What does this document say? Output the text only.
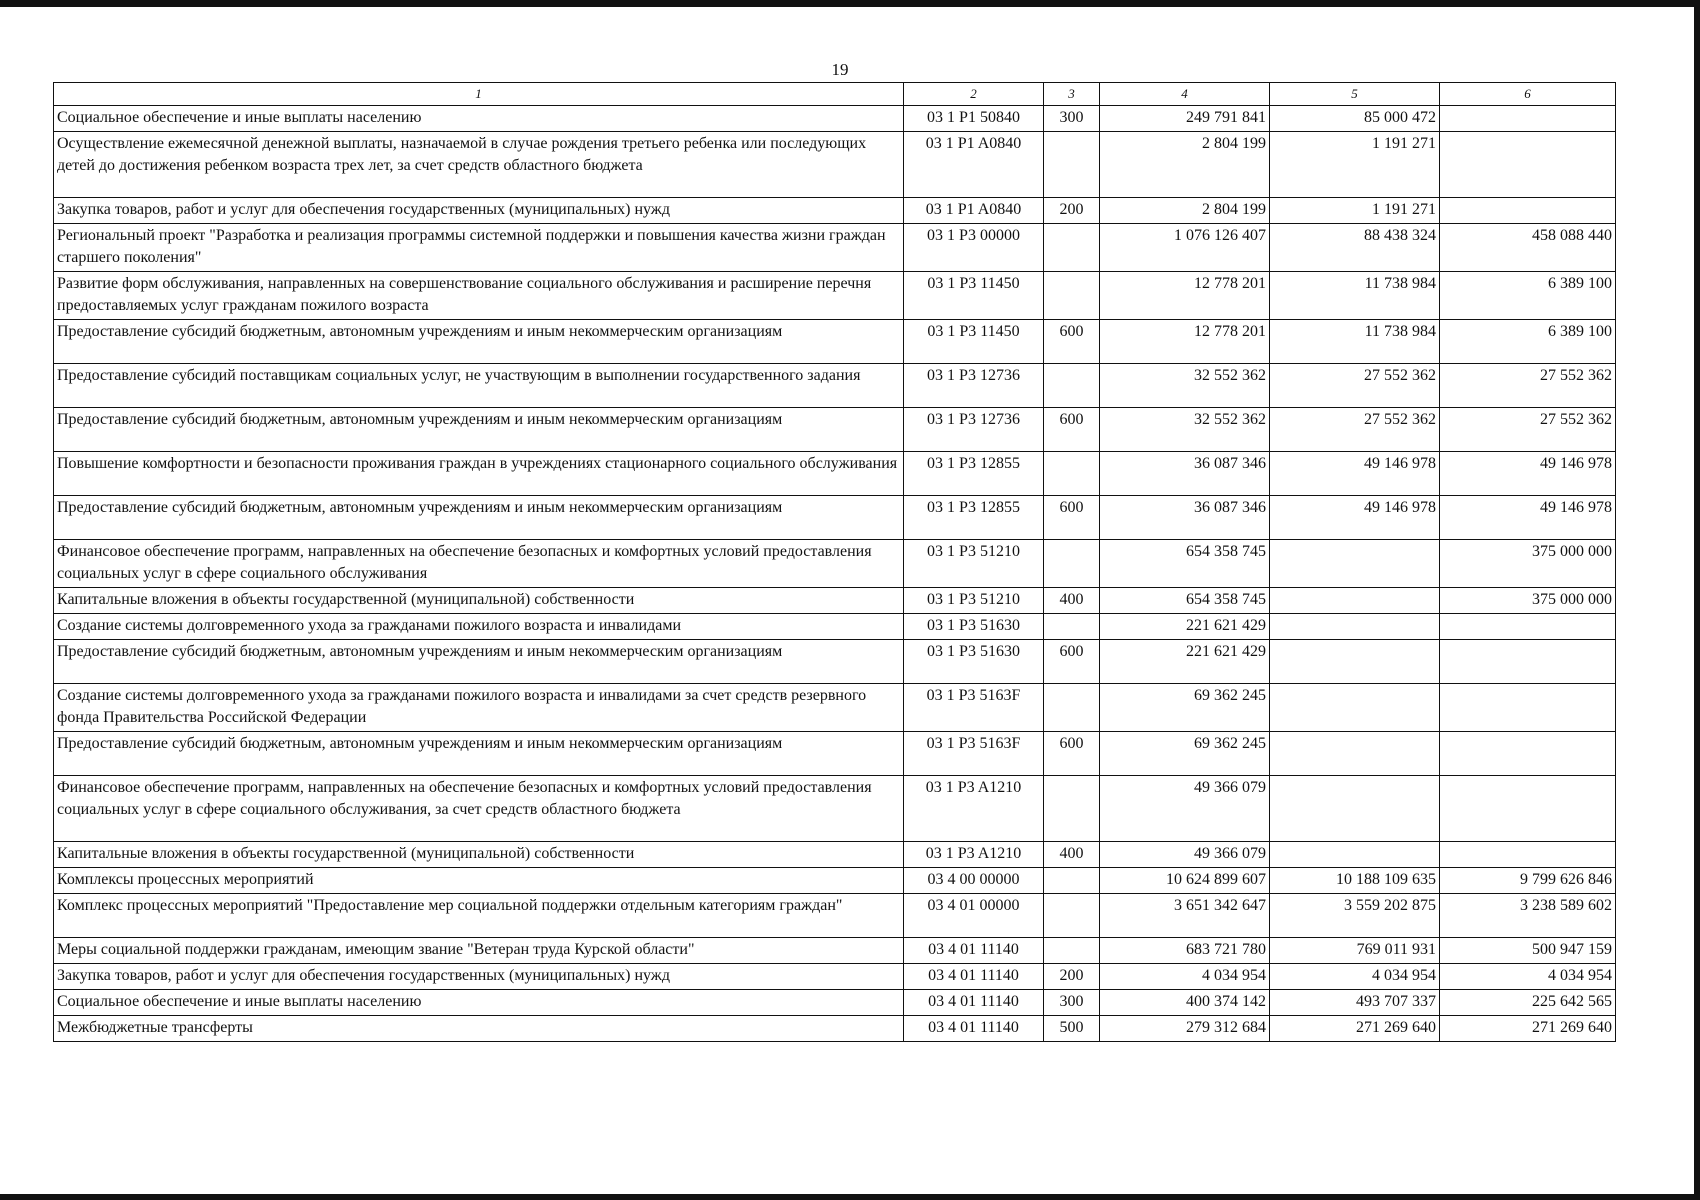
19
1	2	3	4	5	6
Социальное обеспечение и иные выплаты населению	03 1 P1 50840	300	249 791 841	85 000 472	
Осуществление ежемесячной денежной выплаты, назначаемой в случае рождения третьего ребенка или последующих детей до достижения ребенком возраста трех лет, за счет средств областного бюджета	03 1 P1 A0840		2 804 199	1 191 271	
Закупка товаров, работ и услуг для обеспечения государственных (муниципальных) нужд	03 1 P1 A0840	200	2 804 199	1 191 271	
Региональный проект "Разработка и реализация программы системной поддержки и повышения качества жизни граждан старшего поколения"	03 1 P3 00000		1 076 126 407	88 438 324	458 088 440
Развитие форм обслуживания, направленных на совершенствование социального обслуживания и расширение перечня предоставляемых услуг гражданам пожилого возраста	03 1 P3 11450		12 778 201	11 738 984	6 389 100
Предоставление субсидий бюджетным, автономным учреждениям и иным некоммерческим организациям	03 1 P3 11450	600	12 778 201	11 738 984	6 389 100
Предоставление субсидий поставщикам социальных услуг, не участвующим в выполнении государственного задания	03 1 P3 12736		32 552 362	27 552 362	27 552 362
Предоставление субсидий бюджетным, автономным учреждениям и иным некоммерческим организациям	03 1 P3 12736	600	32 552 362	27 552 362	27 552 362
Повышение комфортности и безопасности проживания граждан в учреждениях стационарного социального обслуживания	03 1 P3 12855		36 087 346	49 146 978	49 146 978
Предоставление субсидий бюджетным, автономным учреждениям и иным некоммерческим организациям	03 1 P3 12855	600	36 087 346	49 146 978	49 146 978
Финансовое обеспечение программ, направленных на обеспечение безопасных и комфортных условий предоставления социальных услуг в сфере социального обслуживания	03 1 P3 51210		654 358 745		375 000 000
Капитальные вложения в объекты государственной (муниципальной) собственности	03 1 P3 51210	400	654 358 745		375 000 000
Создание системы долговременного ухода за гражданами пожилого возраста и инвалидами	03 1 P3 51630		221 621 429		
Предоставление субсидий бюджетным, автономным учреждениям и иным некоммерческим организациям	03 1 P3 51630	600	221 621 429		
Создание системы долговременного ухода за гражданами пожилого возраста и инвалидами за счет средств резервного фонда Правительства Российской Федерации	03 1 P3 5163F		69 362 245		
Предоставление субсидий бюджетным, автономным учреждениям и иным некоммерческим организациям	03 1 P3 5163F	600	69 362 245		
Финансовое обеспечение программ, направленных на обеспечение безопасных и комфортных условий предоставления социальных услуг в сфере социального обслуживания, за счет средств областного бюджета	03 1 P3 A1210		49 366 079		
Капитальные вложения в объекты государственной (муниципальной) собственности	03 1 P3 A1210	400	49 366 079		
Комплексы процессных мероприятий	03 4 00 00000		10 624 899 607	10 188 109 635	9 799 626 846
Комплекс процессных мероприятий "Предоставление мер социальной поддержки отдельным категориям граждан"	03 4 01 00000		3 651 342 647	3 559 202 875	3 238 589 602
Меры социальной поддержки гражданам, имеющим звание "Ветеран труда Курской области"	03 4 01 11140		683 721 780	769 011 931	500 947 159
Закупка товаров, работ и услуг для обеспечения государственных (муниципальных) нужд	03 4 01 11140	200	4 034 954	4 034 954	4 034 954
Социальное обеспечение и иные выплаты населению	03 4 01 11140	300	400 374 142	493 707 337	225 642 565
Межбюджетные трансферты	03 4 01 11140	500	279 312 684	271 269 640	271 269 640
